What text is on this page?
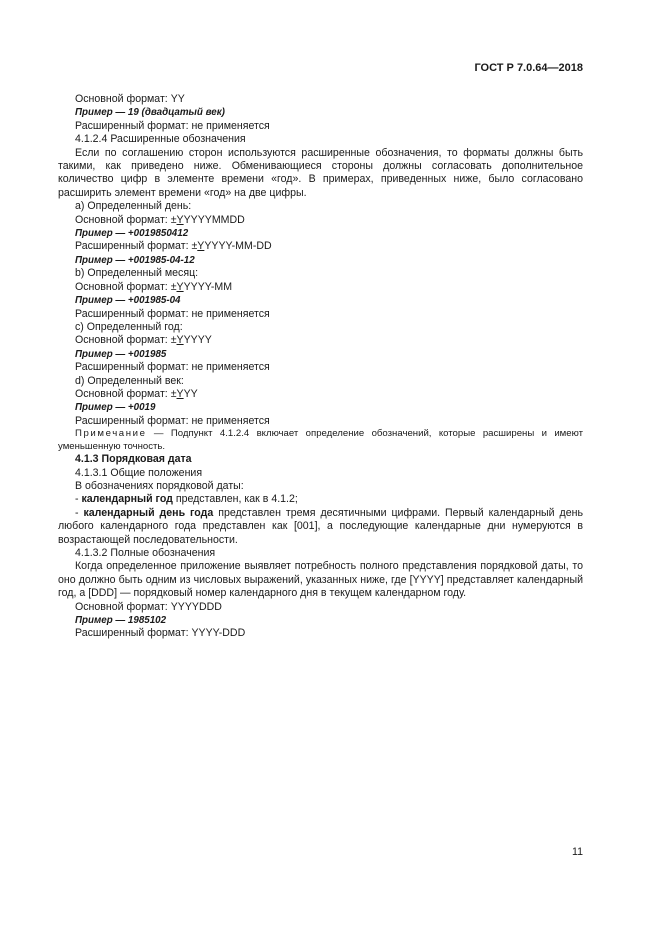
ГОСТ Р 7.0.64—2018

Основной формат: YY

Пример — 19 (двадцатый век)

Расширенный формат: не применяется

4.1.2.4 Расширенные обозначения

Если по соглашению сторон используются расширенные обозначения, то форматы должны быть такими, как приведено ниже. Обменивающиеся стороны должны согласовать дополнительное количество цифр в элементе времени «год». В примерах, приведенных ниже, было согласовано расширить элемент времени «год» на две цифры.

a) Определенный день:

Основной формат: ±YYYYYMMDD

Пример — +0019850412

Расширенный формат: ±YYYYY-MM-DD

Пример — +001985-04-12

b) Определенный месяц:

Основной формат: ±YYYYY-MM

Пример — +001985-04

Расширенный формат: не применяется

c) Определенный год:

Основной формат: ±YYYYY

Пример — +001985

Расширенный формат: не применяется

d) Определенный век:

Основной формат: ±YYY

Пример — +0019

Расширенный формат: не применяется

Примечание — Подпункт 4.1.2.4 включает определение обозначений, которые расширены и имеют уменьшенную точность.

4.1.3 Порядковая дата

4.1.3.1 Общие положения

В обозначениях порядковой даты:

- календарный год представлен, как в 4.1.2;

- календарный день года представлен тремя десятичными цифрами. Первый календарный день любого календарного года представлен как [001], а последующие календарные дни нумеруются в возрастающей последовательности.

4.1.3.2 Полные обозначения

Когда определенное приложение выявляет потребность полного представления порядковой даты, то оно должно быть одним из числовых выражений, указанных ниже, где [YYYY] представляет календарный год, а [DDD] — порядковый номер календарного дня в текущем календарном году.

Основной формат: YYYYDDD

Пример — 1985102

Расширенный формат: YYYY-DDD

11
